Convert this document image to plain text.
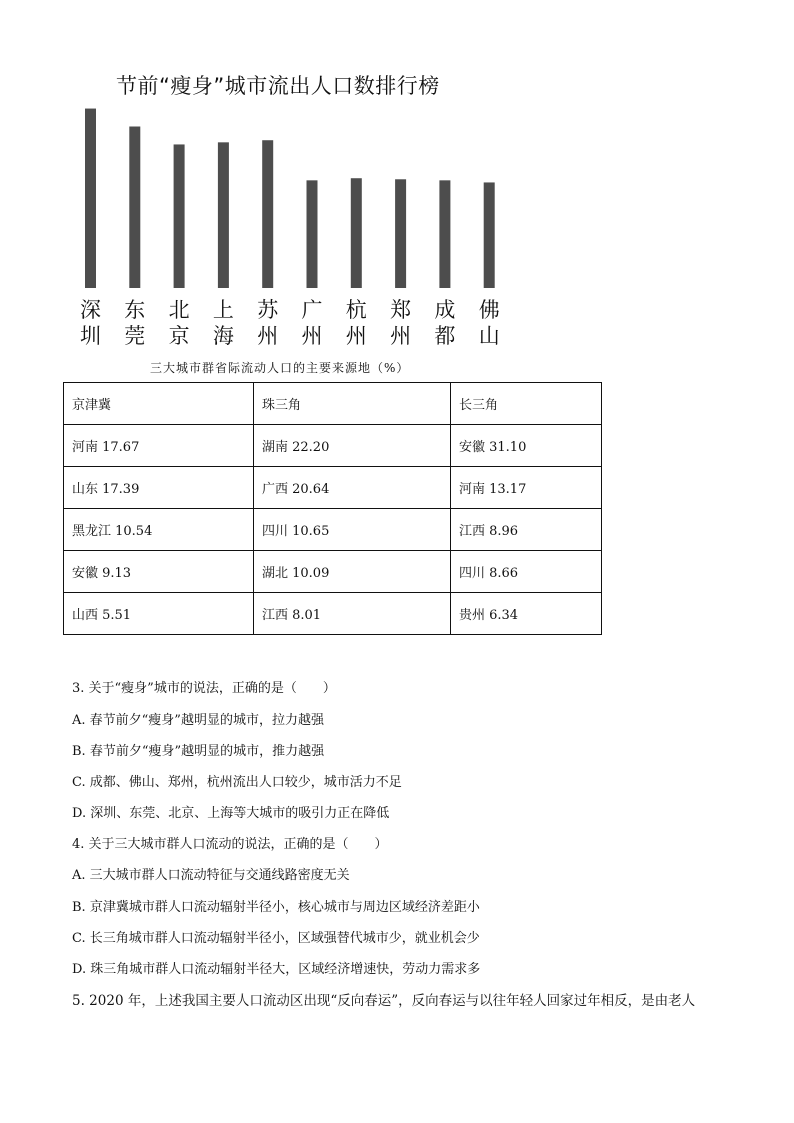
节前“瘦身”城市流出人口数排行榜
深
圳
东
莞
北
京
上
海
苏
州
广
州
杭
州
郑
州
成
都
佛
山
三大城市群省际流动人口的主要来源地（%）
京津冀	珠三角	长三角
河南 17.67	湖南 22.20	安徽 31.10
山东 17.39	广西 20.64	河南 13.17
黑龙江 10.54	四川 10.65	江西 8.96
安徽 9.13	湖北 10.09	四川 8.66
山西 5.51	江西 8.01	贵州 6.34
3. 关于“瘦身”城市的说法，正确的是（　　）
A. 春节前夕“瘦身”越明显的城市，拉力越强
B. 春节前夕“瘦身”越明显的城市，推力越强
C. 成都、佛山、郑州，杭州流出人口较少，城市活力不足
D. 深圳、东莞、北京、上海等大城市的吸引力正在降低
4. 关于三大城市群人口流动的说法，正确的是（　　）
A. 三大城市群人口流动特征与交通线路密度无关
B. 京津冀城市群人口流动辐射半径小，核心城市与周边区域经济差距小
C. 长三角城市群人口流动辐射半径小，区域强替代城市少，就业机会少
D. 珠三角城市群人口流动辐射半径大，区域经济增速快，劳动力需求多
5. 2020 年，上述我国主要人口流动区出现“反向春运”，反向春运与以往年轻人回家过年相反，是由老人
